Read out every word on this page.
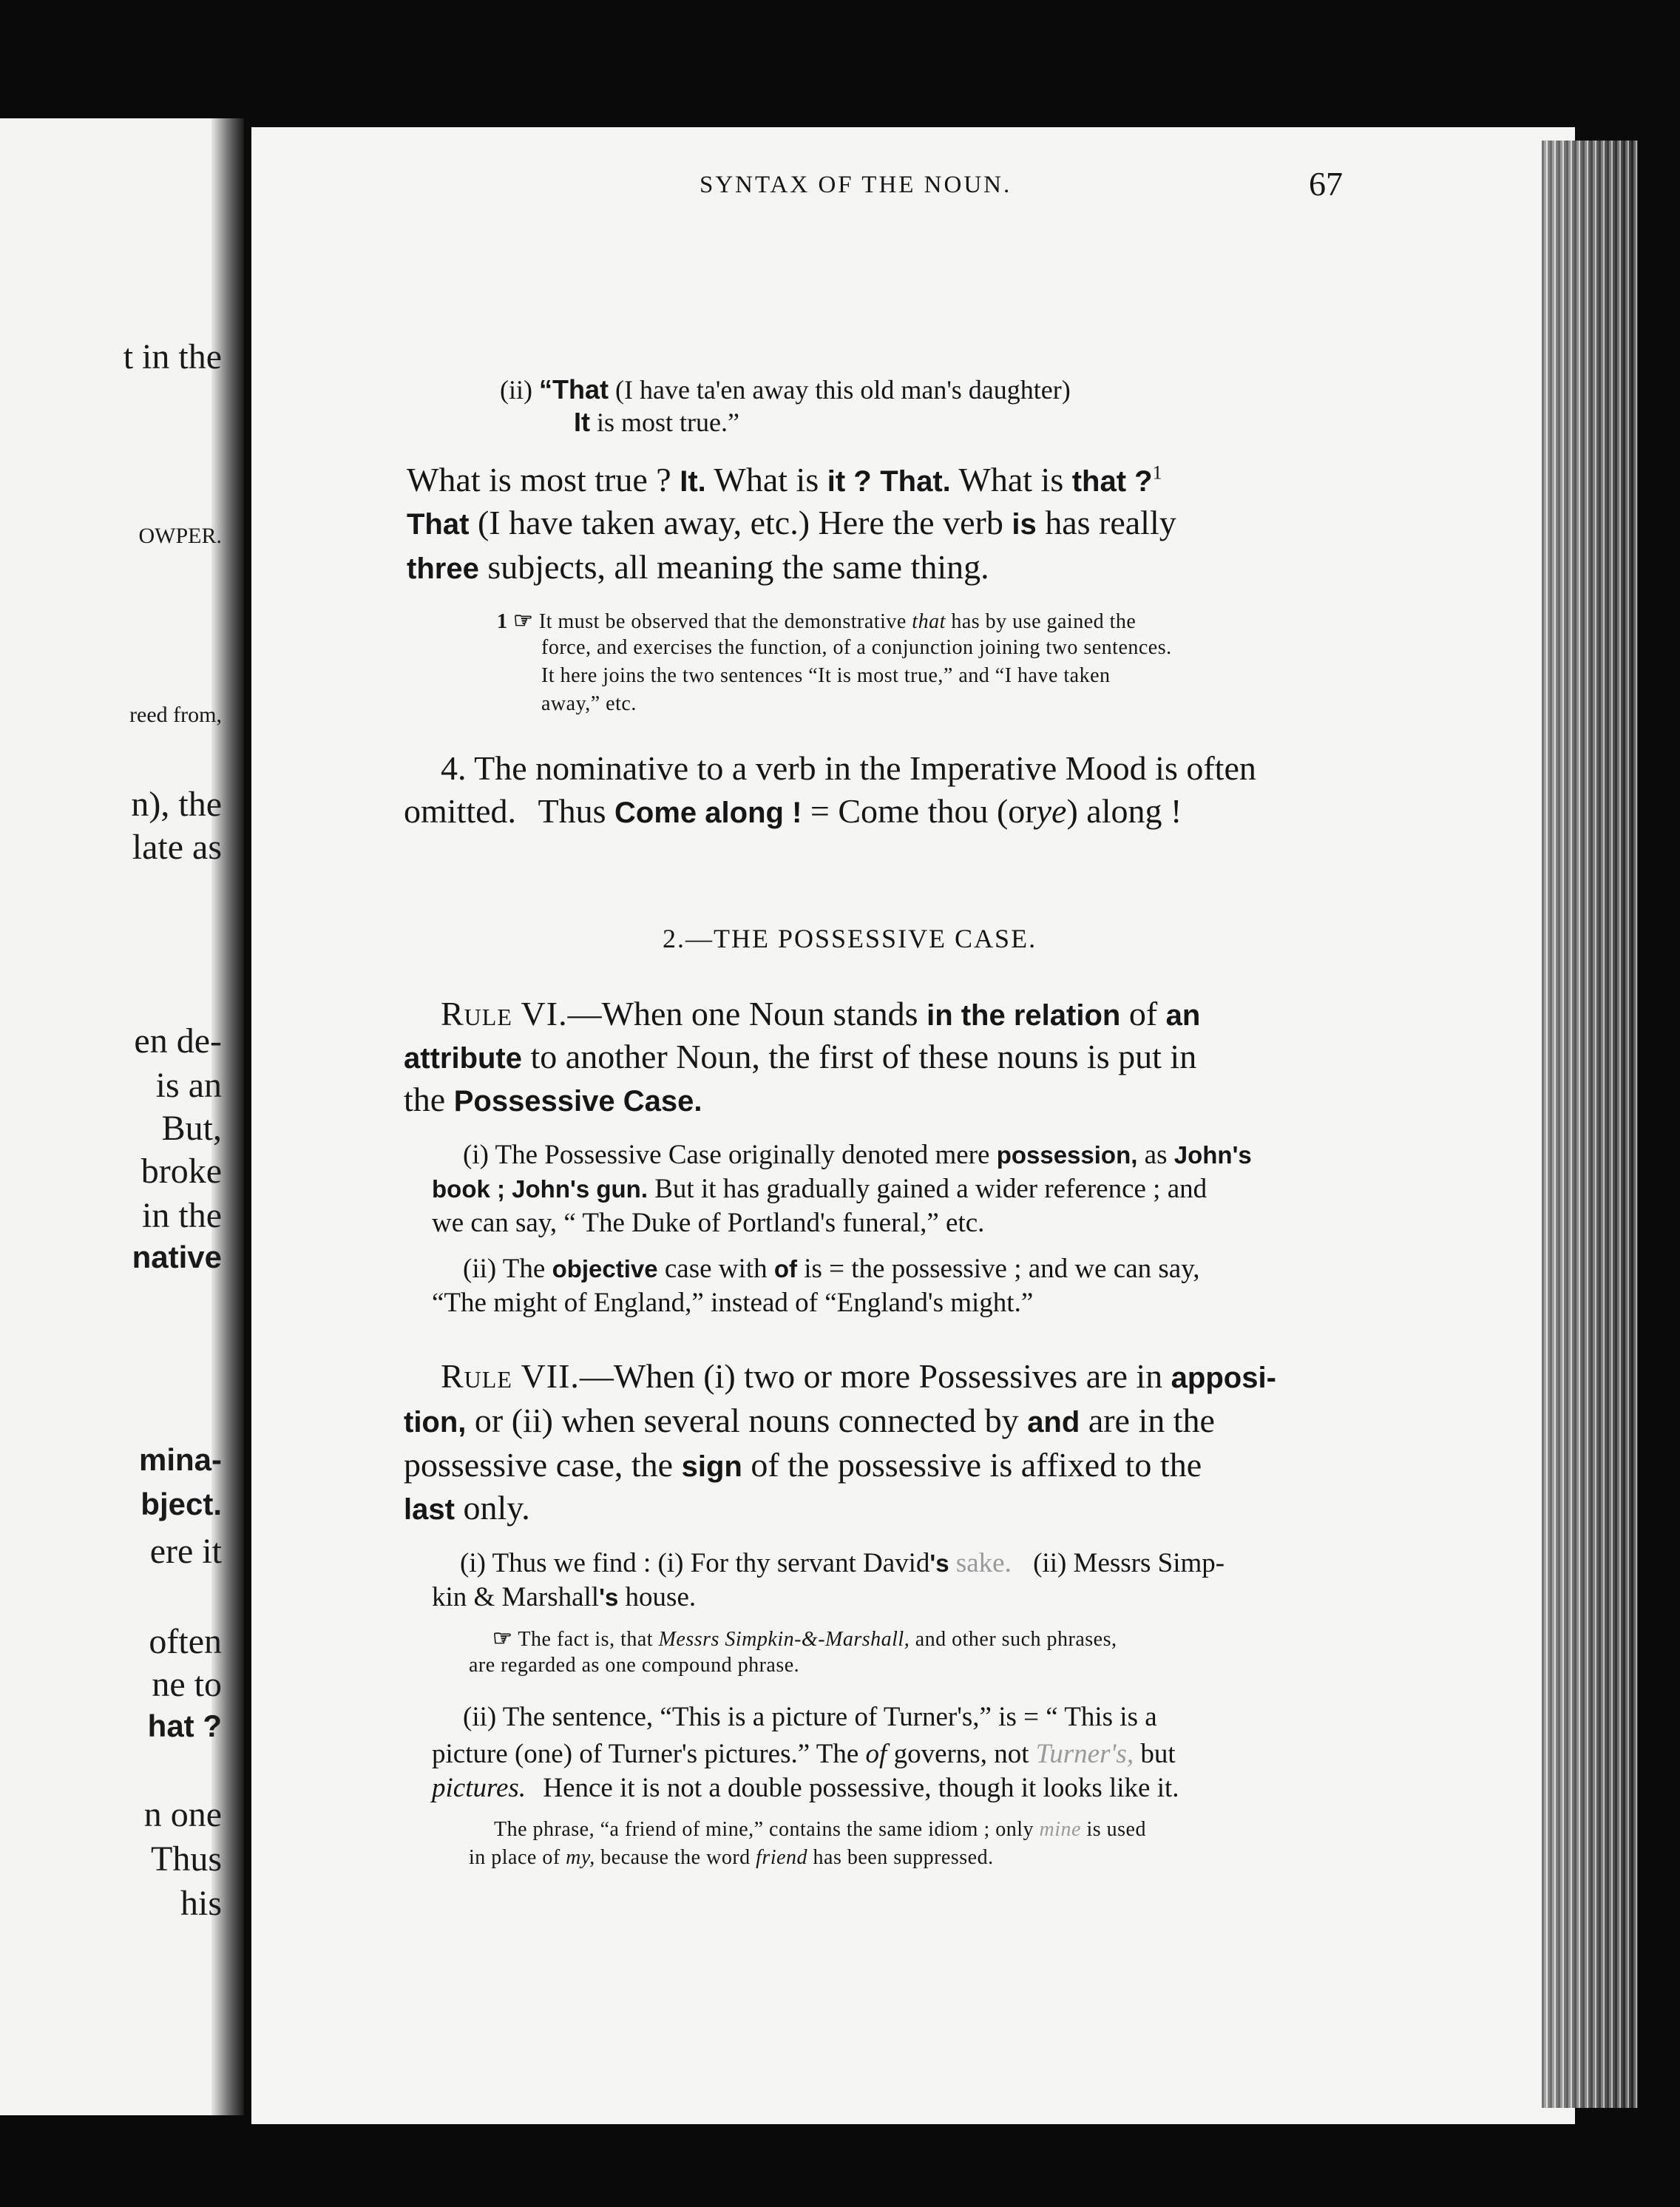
t in the
OWPER.
reed from,
n), the
late as
en de-
is an
But,
broke
in the
native
mina-
bject.
ere it
often
ne to
hat ?
n one
Thus
his
SYNTAX OF THE NOUN.	67
(ii) “That (I have ta'en away this old man's daughter)
It is most true.”
What is most true ? It. What is it ? That. What is that ?$^1$
That (I have taken away, etc.) Here the verb is has really
three subjects, all meaning the same thing.
1 ☞ It must be observed that the demonstrative that has by use gained the
force, and exercises the function, of a conjunction joining two sentences.
It here joins the two sentences “It is most true,” and “I have taken
away,” etc.
4. The nominative to a verb in the Imperative Mood is often
omitted. Thus Come along ! = Come thou (orye) along !
2.—THE POSSESSIVE CASE.
Rule VI.—When one Noun stands in the relation of an
attribute to another Noun, the first of these nouns is put in
the Possessive Case.
(i) The Possessive Case originally denoted mere possession, as John's
book ; John's gun. But it has gradually gained a wider reference ; and
we can say, “ The Duke of Portland's funeral,” etc.
(ii) The objective case with of is = the possessive ; and we can say,
“The might of England,” instead of “England's might.”
Rule VII.—When (i) two or more Possessives are in apposi-
tion, or (ii) when several nouns connected by and are in the
possessive case, the sign of the possessive is affixed to the
last only.
(i) Thus we find : (i) For thy servant David's sake. (ii) Messrs Simp-
kin & Marshall's house.
☞ The fact is, that Messrs Simpkin-&-Marshall, and other such phrases,
are regarded as one compound phrase.
(ii) The sentence, “This is a picture of Turner's,” is = “ This is a
picture (one) of Turner's pictures.” The of governs, not Turner's, but
pictures. Hence it is not a double possessive, though it looks like it.
The phrase, “a friend of mine,” contains the same idiom ; only mine is used
in place of my, because the word friend has been suppressed.
